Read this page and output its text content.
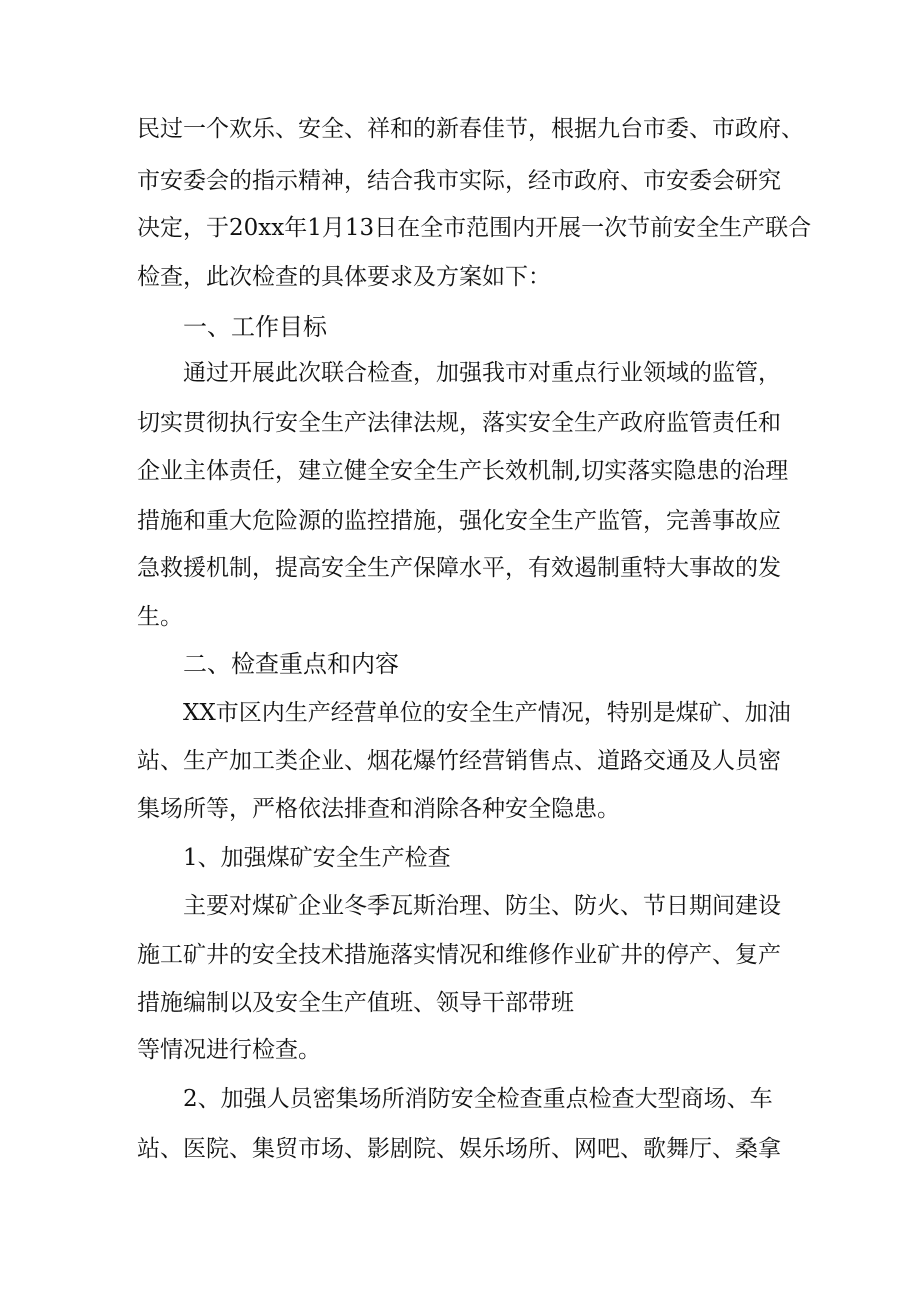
民过一个欢乐、安全、祥和的新春佳节，根据九台市委、市政府、
市安委会的指示精神，结合我市实际，经市政府、市安委会研究
决定，于20xx年1月13日在全市范围内开展一次节前安全生产联合
检查，此次检查的具体要求及方案如下：
一、工作目标
通过开展此次联合检查，加强我市对重点行业领域的监管，
切实贯彻执行安全生产法律法规，落实安全生产政府监管责任和
企业主体责任，建立健全安全生产长效机制,切实落实隐患的治理
措施和重大危险源的监控措施，强化安全生产监管，完善事故应
急救援机制，提高安全生产保障水平，有效遏制重特大事故的发
生。
二、检查重点和内容
XX市区内生产经营单位的安全生产情况，特别是煤矿、加油
站、生产加工类企业、烟花爆竹经营销售点、道路交通及人员密
集场所等，严格依法排查和消除各种安全隐患。
1、加强煤矿安全生产检查
主要对煤矿企业冬季瓦斯治理、防尘、防火、节日期间建设
施工矿井的安全技术措施落实情况和维修作业矿井的停产、复产
措施编制以及安全生产值班、领导干部带班
等情况进行检查。
2、加强人员密集场所消防安全检查重点检查大型商场、车
站、医院、集贸市场、影剧院、娱乐场所、网吧、歌舞厅、桑拿
